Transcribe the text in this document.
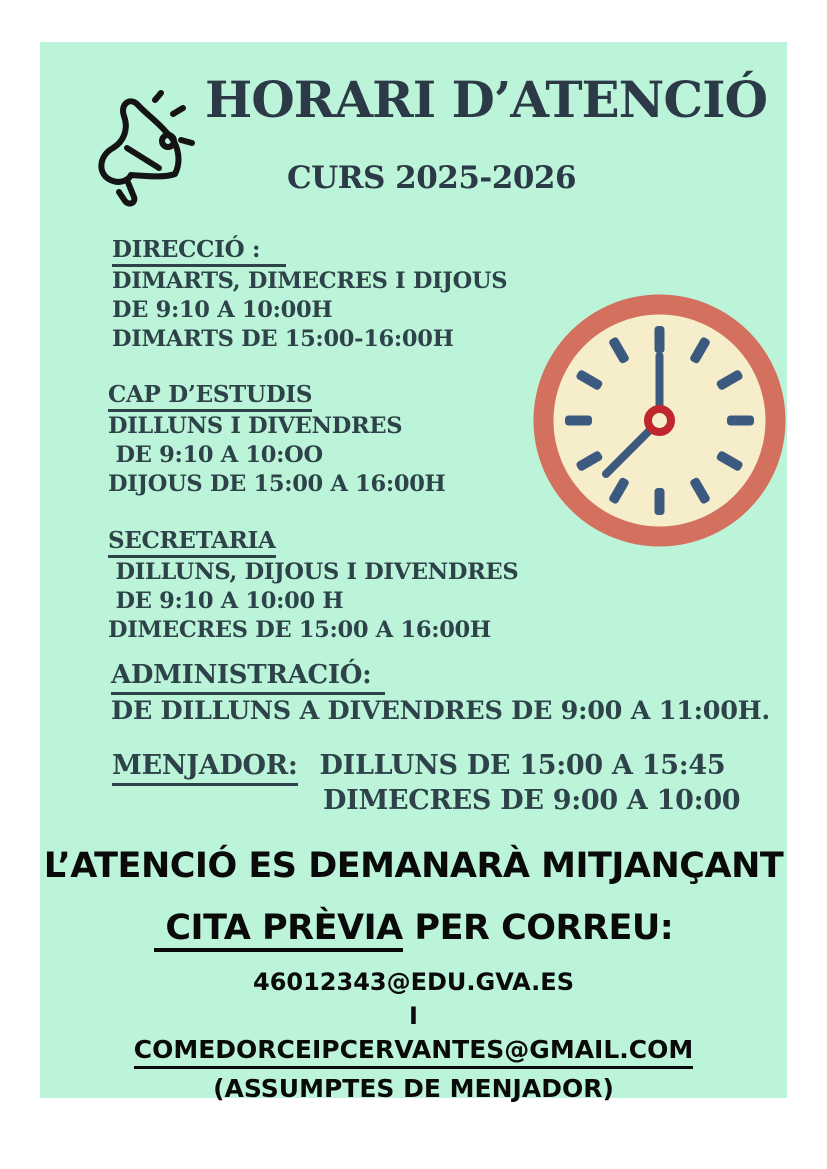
HORARI D’ATENCIÓ
CURS 2025-2026
DIRECCIÓ :
DIMARTS, DIMECRES I DIJOUS
DE 9:10 A 10:00H
DIMARTS DE 15:00-16:00H
CAP D’ESTUDIS
DILLUNS I DIVENDRES
DE 9:10 A 10:OO
DIJOUS DE 15:00 A 16:00H
SECRETARIA
DILLUNS, DIJOUS I DIVENDRES
DE 9:10 A 10:00 H
DIMECRES DE 15:00 A 16:00H
ADMINISTRACIÓ:
DE DILLUNS A DIVENDRES DE 9:00 A 11:00H.
MENJADOR: DILLUNS DE 15:00 A 15:45
DIMECRES DE 9:00 A 10:00
L’ATENCIÓ ES DEMANARÀ MITJANÇANT
CITA PRÈVIA PER CORREU:
46012343@EDU.GVA.ES
I
COMEDORCEIPCERVANTES@GMAIL.COM
(ASSUMPTES DE MENJADOR)
